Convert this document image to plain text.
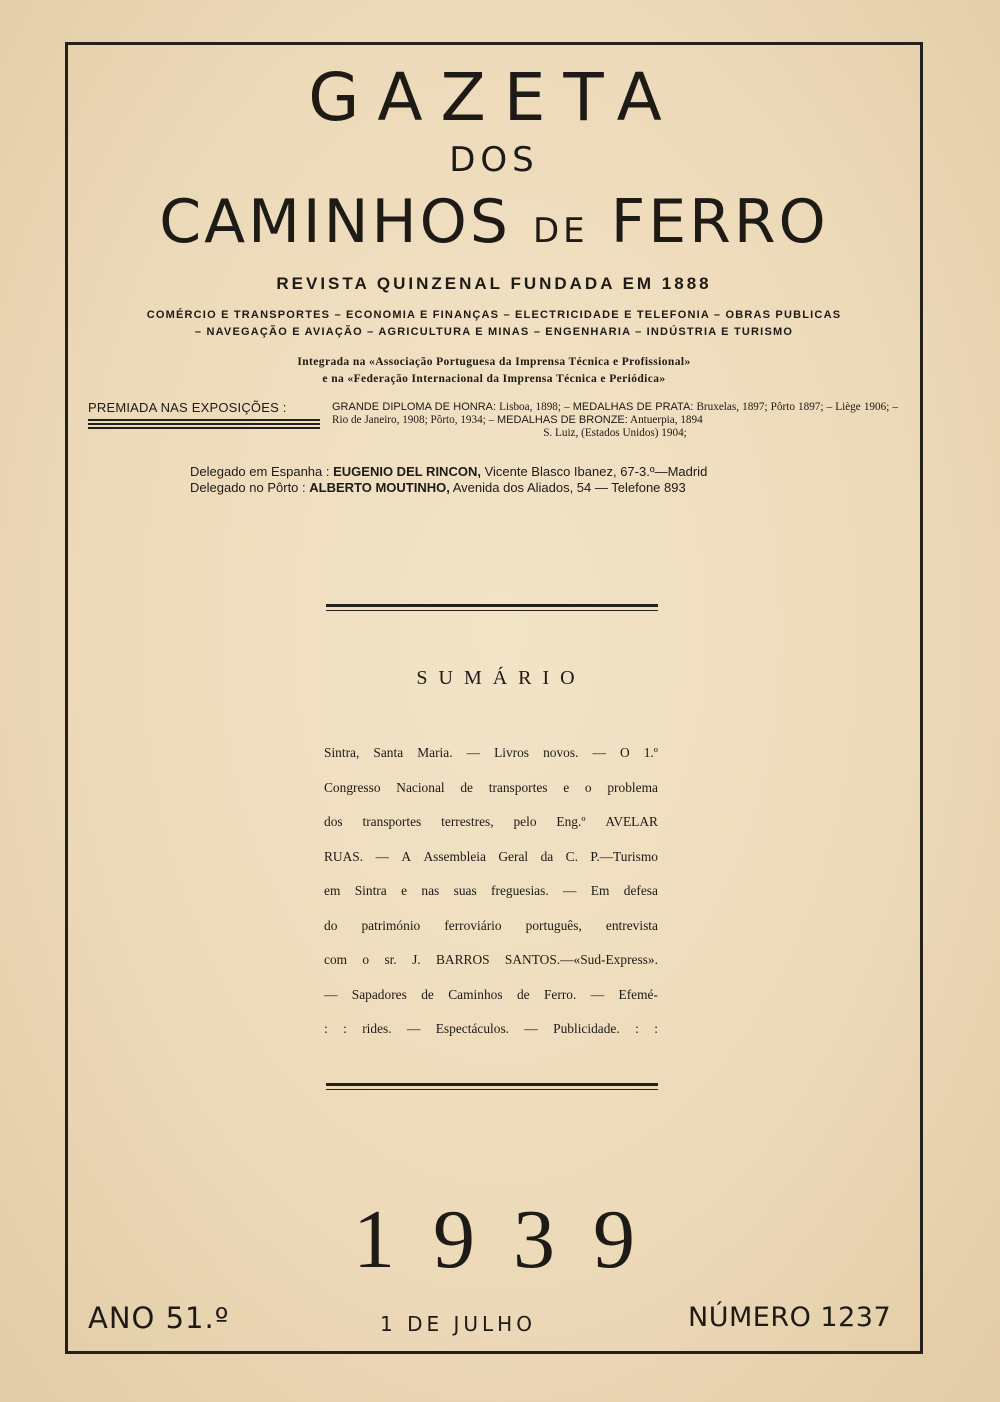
GAZETA
DOS
CAMINHOS DE FERRO
REVISTA QUINZENAL FUNDADA EM 1888
COMÉRCIO E TRANSPORTES – ECONOMIA E FINANÇAS – ELECTRICIDADE E TELEFONIA – OBRAS PUBLICAS
– NAVEGAÇÃO E AVIAÇÃO – AGRICULTURA E MINAS – ENGENHARIA – INDÚSTRIA E TURISMO
Integrada na «Associação Portuguesa da Imprensa Técnica e Profissional»
e na «Federação Internacional da Imprensa Técnica e Periódica»
PREMIADA NAS EXPOSIÇÕES :	GRANDE DIPLOMA DE HONRA: Lisboa, 1898; – MEDALHAS DE PRATA: Bruxelas, 1897; Pôrto 1897; – Liège 1906; – Rio de Janeiro, 1908; Pôrto, 1934; – MEDALHAS DE BRONZE: Antuerpia, 1894
S. Luiz, (Estados Unidos) 1904;
Delegado em Espanha : EUGENIO DEL RINCON, Vicente Blasco Ibanez, 67-3.º—Madrid
Delegado no Pôrto : ALBERTO MOUTINHO, Avenida dos Aliados, 54 — Telefone 893
SUMÁRIO
Sintra, Santa Maria. — Livros novos. — O 1.º
Congresso Nacional de transportes e o problema
dos transportes terrestres, pelo Eng.º AVELAR
RUAS. — A Assembleia Geral da C. P.—Turismo
em Sintra e nas suas freguesias. — Em defesa
do património ferroviário português, entrevista
com o sr. J. BARROS SANTOS.—«Sud-Express».
— Sapadores de Caminhos de Ferro. — Efemé-
: : rides. — Espectáculos. — Publicidade. : :
1939
ANO 51.º	1 DE JULHO	NÚMERO 1237
